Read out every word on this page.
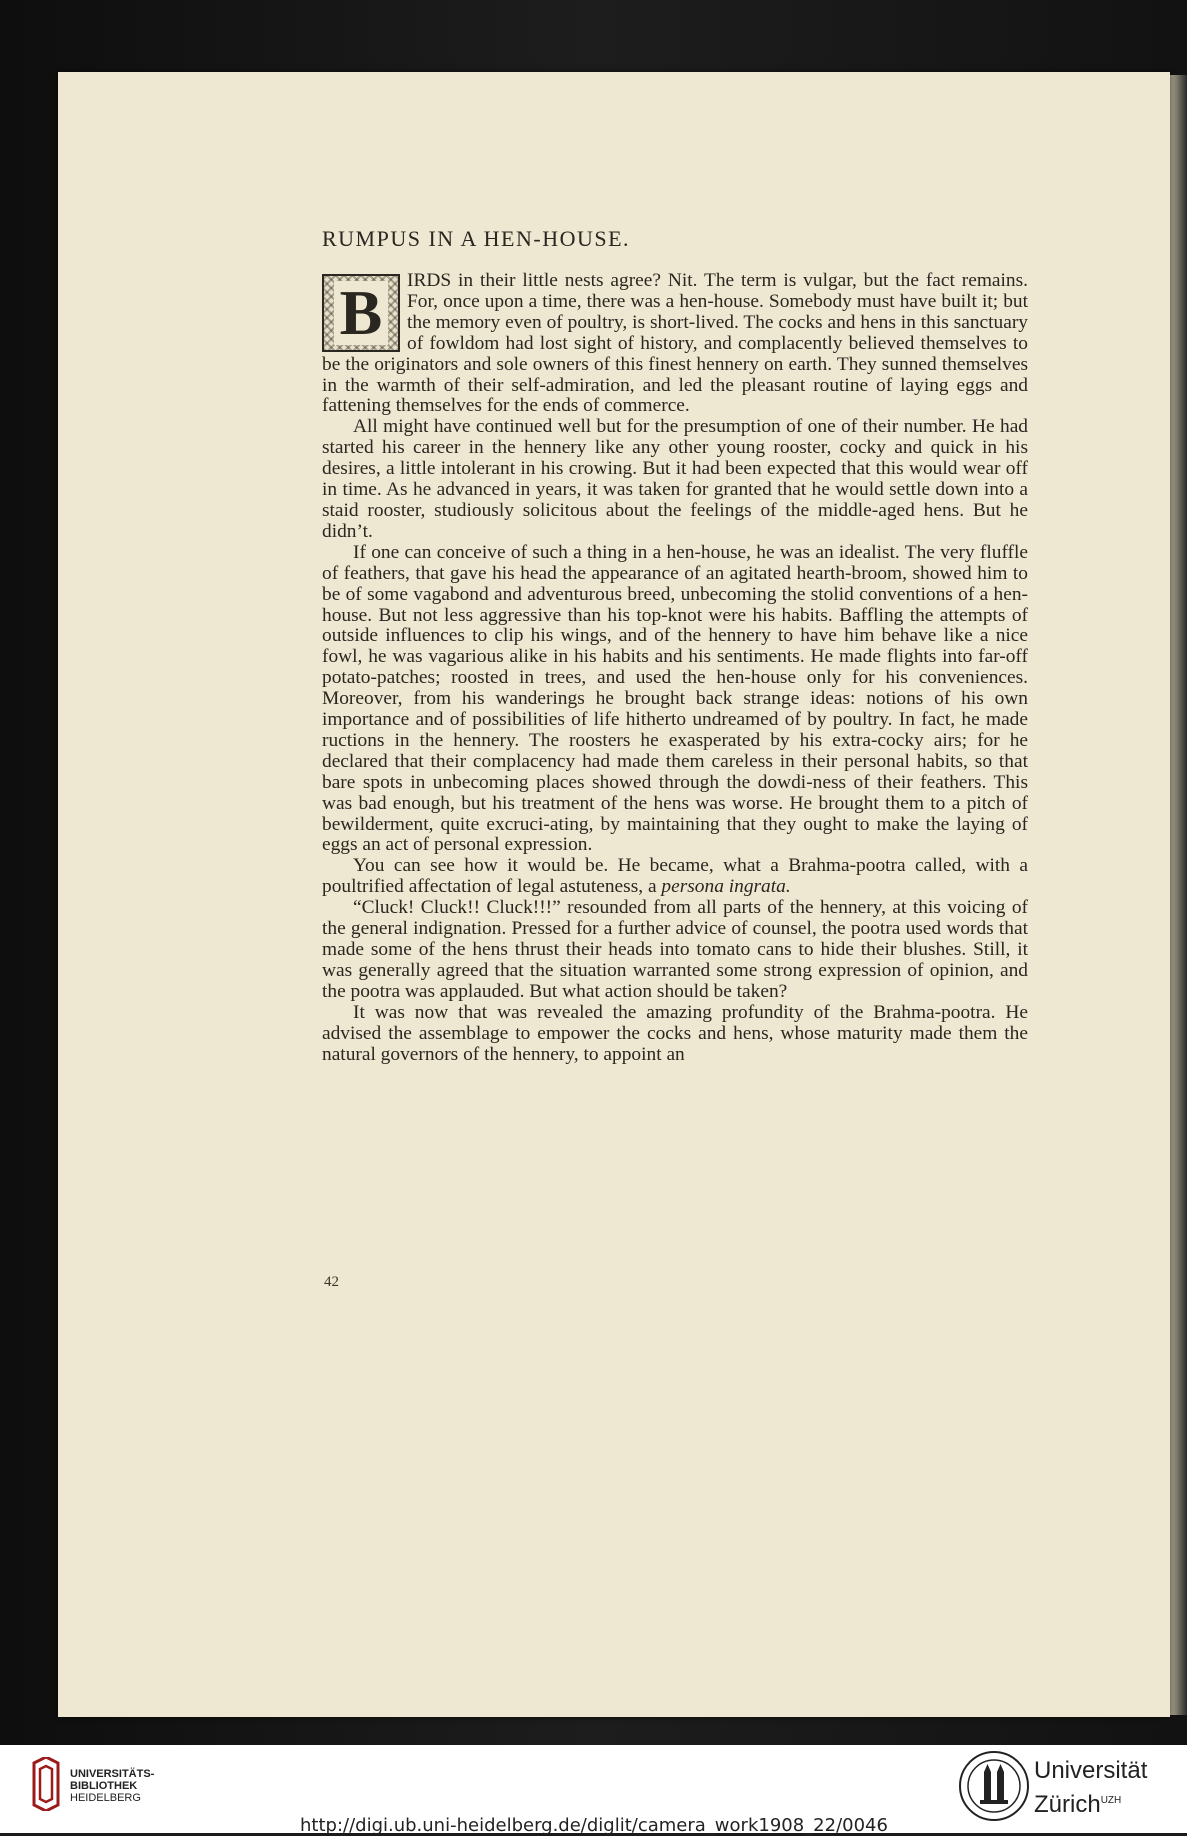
RUMPUS IN A HEN-HOUSE.

B	IRDS in their little nests agree? Nit. The term is vulgar, but the fact remains. For, once upon a time, there was a hen-house. Somebody must have built it; but the memory even of poultry, is short-lived. The cocks and hens in this sanctuary of fowldom had lost sight of history, and complacently believed themselves to be the originators and sole owners of this finest hennery on earth. They sunned themselves in the warmth of their self-admiration, and led the pleasant routine of laying eggs and fattening themselves for the ends of commerce.

All might have continued well but for the presumption of one of their number. He had started his career in the hennery like any other young rooster, cocky and quick in his desires, a little intolerant in his crowing. But it had been expected that this would wear off in time. As he advanced in years, it was taken for granted that he would settle down into a staid rooster, studiously solicitous about the feelings of the middle-aged hens. But he didn’t.

If one can conceive of such a thing in a hen-house, he was an idealist. The very fluffle of feathers, that gave his head the appearance of an agitated hearth-broom, showed him to be of some vagabond and adventurous breed, unbecoming the stolid conventions of a hen-house. But not less aggressive than his top-knot were his habits. Baffling the attempts of outside influences to clip his wings, and of the hennery to have him behave like a nice fowl, he was vagarious alike in his habits and his sentiments. He made flights into far-off potato-patches; roosted in trees, and used the hen-house only for his conveniences. Moreover, from his wanderings he brought back strange ideas: notions of his own importance and of possibilities of life hitherto undreamed of by poultry. In fact, he made ructions in the hennery. The roosters he exasperated by his extra-cocky airs; for he declared that their complacency had made them careless in their personal habits, so that bare spots in unbecoming places showed through the dowdi-ness of their feathers. This was bad enough, but his treatment of the hens was worse. He brought them to a pitch of bewilderment, quite excruci-ating, by maintaining that they ought to make the laying of eggs an act of personal expression.

You can see how it would be. He became, what a Brahma-pootra called, with a poultrified affectation of legal astuteness, a persona ingrata.

“Cluck! Cluck!! Cluck!!!” resounded from all parts of the hennery, at this voicing of the general indignation. Pressed for a further advice of counsel, the pootra used words that made some of the hens thrust their heads into tomato cans to hide their blushes. Still, it was generally agreed that the situation warranted some strong expression of opinion, and the pootra was applauded. But what action should be taken?

It was now that was revealed the amazing profundity of the Brahma-pootra. He advised the assemblage to empower the cocks and hens, whose maturity made them the natural governors of the hennery, to appoint an

42
UNIVERSITÄTS-
BIBLIOTHEK
HEIDELBERG
http://digi.ub.uni-heidelberg.de/diglit/camera_work1908_22/0046
Universität
Zürich$^{UZH}$
